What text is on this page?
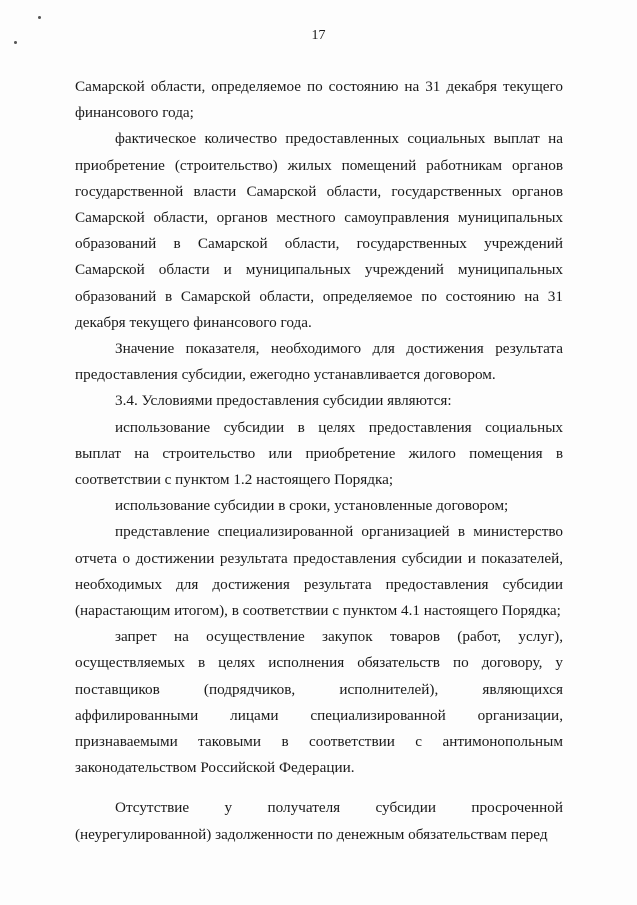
17

Самарской области, определяемое по состоянию на 31 декабря текущего финансового года;

фактическое количество предоставленных социальных выплат на приобретение (строительство) жилых помещений работникам органов государственной власти Самарской области, государственных органов Самарской области, органов местного самоуправления муниципальных образований в Самарской области, государственных учреждений Самарской области и муниципальных учреждений муниципальных образований в Самарской области, определяемое по состоянию на 31 декабря текущего финансового года.

Значение показателя, необходимого для достижения результата предоставления субсидии, ежегодно устанавливается договором.

3.4. Условиями предоставления субсидии являются:

использование субсидии в целях предоставления социальных выплат на строительство или приобретение жилого помещения в соответствии с пунктом 1.2 настоящего Порядка;

использование субсидии в сроки, установленные договором;

представление специализированной организацией в министерство отчета о достижении результата предоставления субсидии и показателей, необходимых для достижения результата предоставления субсидии (нарастающим итогом), в соответствии с пунктом 4.1 настоящего Порядка;

запрет на осуществление закупок товаров (работ, услуг), осуществляемых в целях исполнения обязательств по договору, у поставщиков (подрядчиков, исполнителей), являющихся аффилированными лицами специализированной организации, признаваемыми таковыми в соответствии с антимонопольным законодательством Российской Федерации.

Отсутствие у получателя субсидии просроченной (неурегулированной) задолженности по денежным обязательствам перед
